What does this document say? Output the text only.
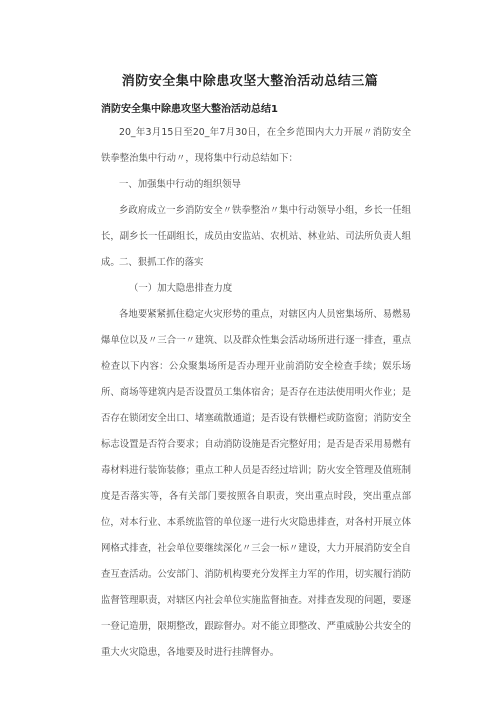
消防安全集中除患攻坚大整治活动总结三篇
消防安全集中除患攻坚大整治活动总结1
20_年3月15日至20_年7月30日，在全乡范围内大力开展〃消防安全铁拳整治集中行动〃，现将集中行动总结如下：
一、加强集中行动的组织领导
乡政府成立一乡消防安全〃铁拳整治〃集中行动领导小组，乡长一任组长，副乡长一任副组长，成员由安监站、农机站、林业站、司法所负责人组成。 二、狠抓工作的落实
（一）加大隐患排查力度
各地要紧紧抓住稳定火灾形势的重点，对辖区内人员密集场所、易燃易爆单位以及〃三合一〃建筑、以及群众性集会活动场所进行逐一排查，重点检查以下内容：公众聚集场所是否办理开业前消防安全检查手续；娱乐场所、商场等建筑内是否设置员工集体宿舍；是否存在违法使用明火作业；是否存在锁闭安全出口、堵塞疏散通道；是否设有铁栅栏或防盗窗；消防安全标志设置是否符合要求；自动消防设施是否完整好用；是否是否采用易燃有毒材料进行装饰装修；重点工种人员是否经过培训；防火安全管理及值班制度是否落实等，各有关部门要按照各自职责，突出重点时段，突出重点部位，对本行业、本系统监管的单位逐一进行火灾隐患排查，对各村开展立体网格式排查，社会单位要继续深化〃三会一标〃建设，大力开展消防安全自查互查活动。公安部门、消防机构要充分发挥主力军的作用，切实履行消防监督管理职责，对辖区内社会单位实施监督抽查。对排查发现的问题，要逐一登记造册，限期整改，跟踪督办。对不能立即整改、严重威胁公共安全的重大火灾隐患，各地要及时进行挂牌督办。
